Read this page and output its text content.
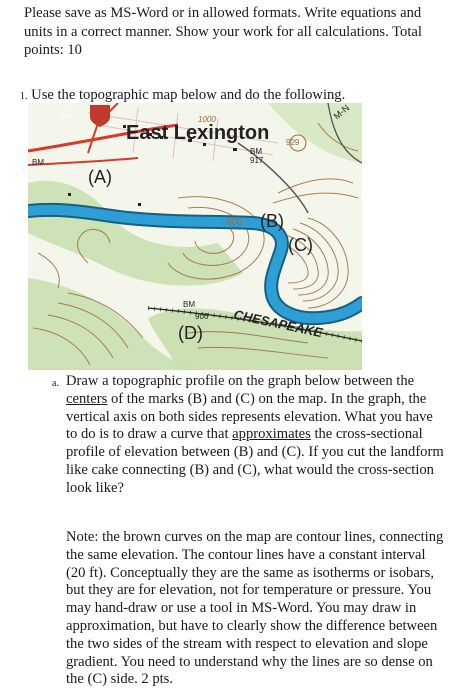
Please save as MS-Word or in allowed formats. Write equations and units in a correct manner. Show your work for all calculations. Total points: 10
1. Use the topographic map below and do the following.
39
631
East Lexington
1000
929
BM
917
BM
M-N
(A)
900 (B)
(C)
BM
906 CHESAPEAKE
(D)
a. Draw a topographic profile on the graph below between the centers of the marks (B) and (C) on the map. In the graph, the vertical axis on both sides represents elevation. What you have to do is to draw a curve that approximates the cross-sectional profile of elevation between (B) and (C). If you cut the landform like cake connecting (B) and (C), what would the cross-section look like?
Note: the brown curves on the map are contour lines, connecting the same elevation. The contour lines have a constant interval (20 ft). Conceptually they are the same as isotherms or isobars, but they are for elevation, not for temperature or pressure. You may hand-draw or use a tool in MS-Word. You may draw in approximation, but have to clearly show the difference between the two sides of the stream with respect to elevation and slope gradient. You need to understand why the lines are so dense on the (C) side. 2 pts.
